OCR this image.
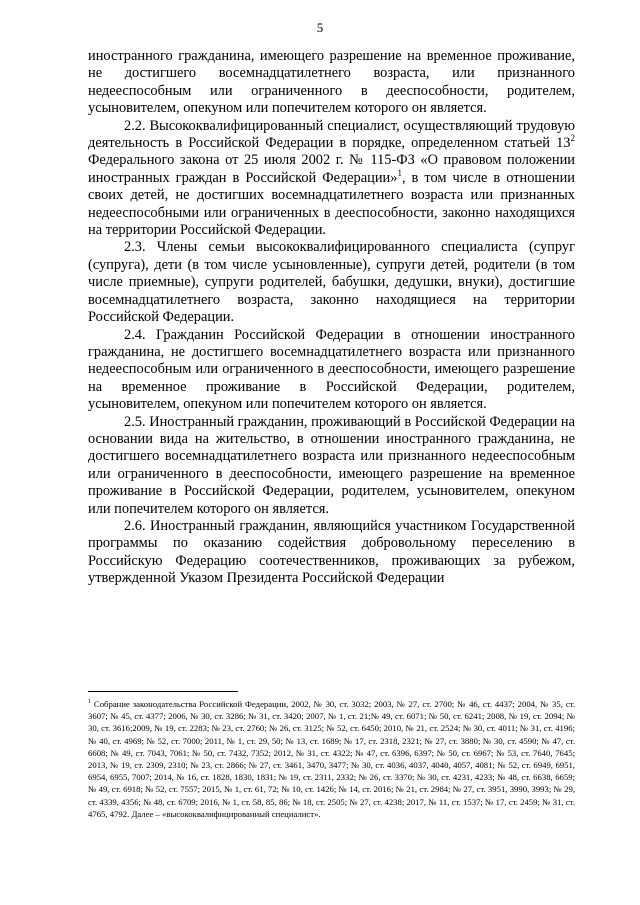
5

иностранного гражданина, имеющего разрешение на временное проживание, не достигшего восемнадцатилетнего возраста, или признанного недееспособным или ограниченного в дееспособности, родителем, усыновителем, опекуном или попечителем которого он является.

2.2. Высококвалифицированный специалист, осуществляющий трудовую деятельность в Российской Федерации в порядке, определенном статьей $13^2$ Федерального закона от 25 июля 2002 г. № 115-ФЗ «О правовом положении иностранных граждан в Российской Федерации»$^1$, в том числе в отношении своих детей, не достигших восемнадцатилетнего возраста или признанных недееспособными или ограниченных в дееспособности, законно находящихся на территории Российской Федерации.

2.3. Члены семьи высококвалифицированного специалиста (супруг (супруга), дети (в том числе усыновленные), супруги детей, родители (в том числе приемные), супруги родителей, бабушки, дедушки, внуки), достигшие восемнадцатилетнего возраста, законно находящиеся на территории Российской Федерации.

2.4. Гражданин Российской Федерации в отношении иностранного гражданина, не достигшего восемнадцатилетнего возраста или признанного недееспособным или ограниченного в дееспособности, имеющего разрешение на временное проживание в Российской Федерации, родителем, усыновителем, опекуном или попечителем которого он является.

2.5. Иностранный гражданин, проживающий в Российской Федерации на основании вида на жительство, в отношении иностранного гражданина, не достигшего восемнадцатилетнего возраста или признанного недееспособным или ограниченного в дееспособности, имеющего разрешение на временное проживание в Российской Федерации, родителем, усыновителем, опекуном или попечителем которого он является.

2.6. Иностранный гражданин, являющийся участником Государственной программы по оказанию содействия добровольному переселению в Российскую Федерацию соотечественников, проживающих за рубежом, утвержденной Указом Президента Российской Федерации

$^1$ Собрание законодательства Российской Федерации, 2002, № 30, ст. 3032; 2003, № 27, ст. 2700; № 46, ст. 4437; 2004, № 35, ст. 3607; № 45, ст. 4377; 2006, № 30, ст. 3286; № 31, ст. 3420; 2007, № 1, ст. 21;№ 49, ст. 6071; № 50, ст. 6241; 2008, № 19, ст. 2094; № 30, ст. 3616;2009, № 19, ст. 2283; № 23, ст. 2760; № 26, ст. 3125; № 52, ст. 6450; 2010, № 21, ст. 2524; № 30, ст. 4011; № 31, ст. 4196; № 40, ст. 4969; № 52, ст. 7000; 2011, № 1, ст. 29, 50; № 13, ст. 1689; № 17, ст. 2318, 2321; № 27, ст. 3880; № 30, ст. 4590; № 47, ст. 6608; № 49, ст. 7043, 7061; № 50, ст. 7432, 7352; 2012, № 31, ст. 4322; № 47, ст. 6396, 6397; № 50, ст. 6967; № 53, ст. 7640, 7645; 2013, № 19, ст. 2309, 2310; № 23, ст. 2866; № 27, ст. 3461, 3470, 3477; № 30, ст. 4036, 4037, 4040, 4057, 4081; № 52, ст. 6949, 6951, 6954, 6955, 7007; 2014, № 16, ст. 1828, 1830, 1831; № 19, ст. 2311, 2332; № 26, ст. 3370; № 30, ст. 4231, 4233; № 48, ст. 6638, 6659; № 49, ст. 6918; № 52, ст. 7557; 2015, № 1, ст. 61, 72; № 10, ст. 1426; № 14, ст. 2016; № 21, ст. 2984; № 27, ст. 3951, 3990, 3993; № 29, ст. 4339, 4356; № 48, ст. 6709; 2016, № 1, ст. 58, 85, 86; № 18, ст. 2505; № 27, ст. 4238; 2017, № 11, ст. 1537; № 17, ст. 2459; № 31, ст. 4765, 4792. Далее – «высококвалифицированный специалист».
